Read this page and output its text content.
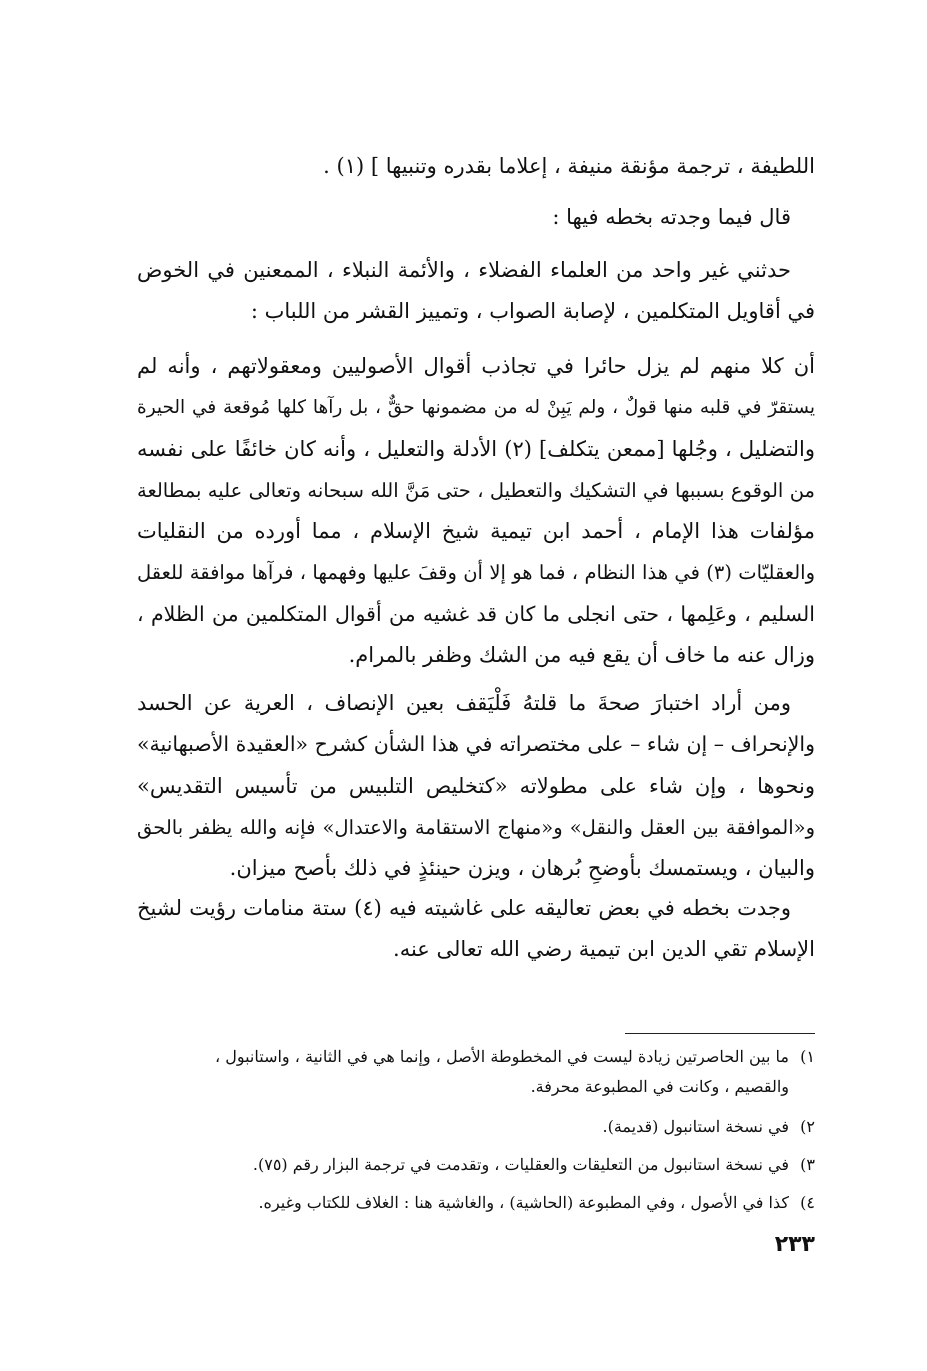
اللطيفة ، ترجمة مؤنقة منيفة ، إعلاما بقدره وتنبيها ] (١) .

قال فيما وجدته بخطه فيها :

حدثني غير واحد من العلماء الفضلاء ، والأئمة النبلاء ، الممعنين في الخوض
في أقاويل المتكلمين ، لإصابة الصواب ، وتمييز القشر من اللباب :

أن كلا منهم لم يزل حائرا في تجاذب أقوال الأصوليين ومعقولاتهم ، وأنه لم
يستقرّ في قلبه منها قولٌ ، ولم يَبِنْ له من مضمونها حقٌّ ، بل رآها كلها مُوقعة في الحيرة
والتضليل ، وجُلها [ممعن يتكلف] (٢) الأدلة والتعليل ، وأنه كان خائفًا على نفسه
من الوقوع بسببها في التشكيك والتعطيل ، حتى مَنَّ الله سبحانه وتعالى عليه بمطالعة
مؤلفات هذا الإمام ، أحمد ابن تيمية شيخ الإسلام ، مما أورده من النقليات
والعقليّات (٣) في هذا النظام ، فما هو إلا أن وقفَ عليها وفهمها ، فرآها موافقة للعقل
السليم ، وعَلِمها ، حتى انجلى ما كان قد غشيه من أقوال المتكلمين من الظلام ،
وزال عنه ما خاف أن يقع فيه من الشك وظفر بالمرام.

ومن أراد اختبارَ صحةَ ما قلتهُ فَلْيَقف بعين الإنصاف ، العرية عن الحسد
والإنحراف – إن شاء – على مختصراته في هذا الشأن كشرح «العقيدة الأصبهانية»
ونحوها ، وإن شاء على مطولاته «كتخليص التلبيس من تأسيس التقديس»
و«الموافقة بين العقل والنقل» و«منهاج الاستقامة والاعتدال» فإنه والله يظفر بالحق
والبيان ، ويستمسك بأوضحِ بُرهان ، ويزن حينئذٍ في ذلك بأصح ميزان.

وجدت بخطه في بعض تعاليقه على غاشيته فيه (٤) ستة منامات رؤيت لشيخ
الإسلام تقي الدين ابن تيمية رضي الله تعالى عنه.

١)ما بين الحاصرتين زيادة ليست في المخطوطة الأصل ، وإنما هي في الثانية ، واستانبول ،
والقصيم ، وكانت في المطبوعة محرفة.
٢)في نسخة استانبول (قديمة).
٣)في نسخة استانبول من التعليقات والعقليات ، وتقدمت في ترجمة البزار رقم (٧٥).
٤)كذا في الأصول ، وفي المطبوعة (الحاشية) ، والغاشية هنا : الغلاف للكتاب وغيره.
٢٣٣
